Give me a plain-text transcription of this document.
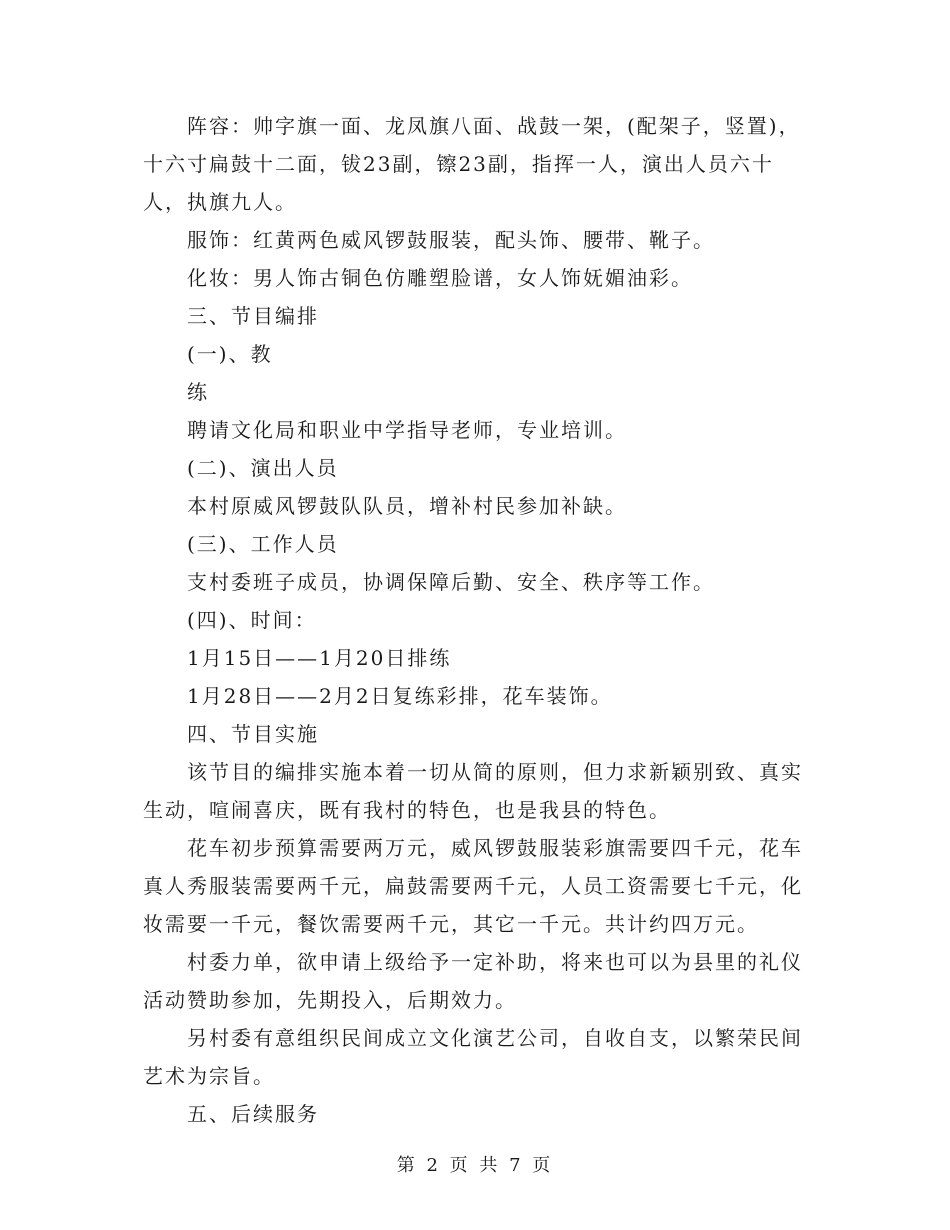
阵容：帅字旗一面、龙凤旗八面、战鼓一架，(配架子，竖置)，十六寸扁鼓十二面，钹23副，镲23副，指挥一人，演出人员六十人，执旗九人。

服饰：红黄两色威风锣鼓服装，配头饰、腰带、靴子。

化妆：男人饰古铜色仿雕塑脸谱，女人饰妩媚油彩。

三、节目编排

(一)、教

练

聘请文化局和职业中学指导老师，专业培训。

(二)、演出人员

本村原威风锣鼓队队员，增补村民参加补缺。

(三)、工作人员

支村委班子成员，协调保障后勤、安全、秩序等工作。

(四)、时间：

1月15日——1月20日排练

1月28日——2月2日复练彩排，花车装饰。

四、节目实施

该节目的编排实施本着一切从简的原则，但力求新颖别致、真实生动，喧闹喜庆，既有我村的特色，也是我县的特色。

花车初步预算需要两万元，威风锣鼓服装彩旗需要四千元，花车真人秀服装需要两千元，扁鼓需要两千元，人员工资需要七千元，化妆需要一千元，餐饮需要两千元，其它一千元。共计约四万元。

村委力单，欲申请上级给予一定补助，将来也可以为县里的礼仪活动赞助参加，先期投入，后期效力。

另村委有意组织民间成立文化演艺公司，自收自支，以繁荣民间艺术为宗旨。

五、后续服务

第 2 页 共 7 页
